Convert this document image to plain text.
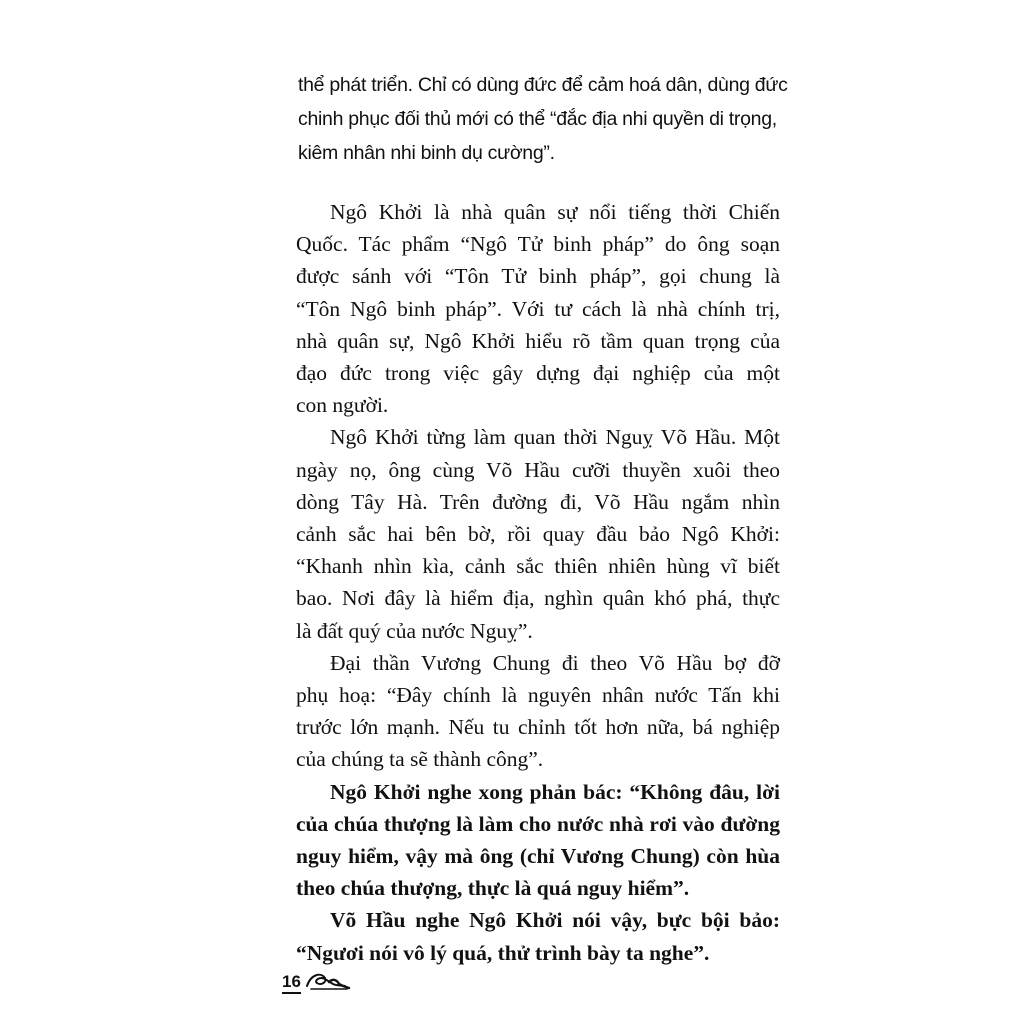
thể phát triển. Chỉ có dùng đức để cảm hoá dân, dùng đức
chinh phục đối thủ mới có thể “đắc địa nhi quyền di trọng,
kiêm nhân nhi binh dụ cường”.
Ngô Khởi là nhà quân sự nổi tiếng thời Chiến
Quốc. Tác phẩm “Ngô Tử binh pháp” do ông soạn
được sánh với “Tôn Tử binh pháp”, gọi chung là
“Tôn Ngô binh pháp”. Với tư cách là nhà chính trị,
nhà quân sự, Ngô Khởi hiểu rõ tầm quan trọng của
đạo đức trong việc gây dựng đại nghiệp của một
con người.
Ngô Khởi từng làm quan thời Nguỵ Võ Hầu. Một
ngày nọ, ông cùng Võ Hầu cưỡi thuyền xuôi theo
dòng Tây Hà. Trên đường đi, Võ Hầu ngắm nhìn
cảnh sắc hai bên bờ, rồi quay đầu bảo Ngô Khởi:
“Khanh nhìn kìa, cảnh sắc thiên nhiên hùng vĩ biết
bao. Nơi đây là hiểm địa, nghìn quân khó phá, thực
là đất quý của nước Nguỵ”.
Đại thần Vương Chung đi theo Võ Hầu bợ đỡ
phụ hoạ: “Đây chính là nguyên nhân nước Tấn khi
trước lớn mạnh. Nếu tu chỉnh tốt hơn nữa, bá nghiệp
của chúng ta sẽ thành công”.
Ngô Khởi nghe xong phản bác: “Không đâu, lời
của chúa thượng là làm cho nước nhà rơi vào đường
nguy hiểm, vậy mà ông (chỉ Vương Chung) còn hùa
theo chúa thượng, thực là quá nguy hiểm”.
Võ Hầu nghe Ngô Khởi nói vậy, bực bội bảo:
“Ngươi nói vô lý quá, thử trình bày ta nghe”.
16
